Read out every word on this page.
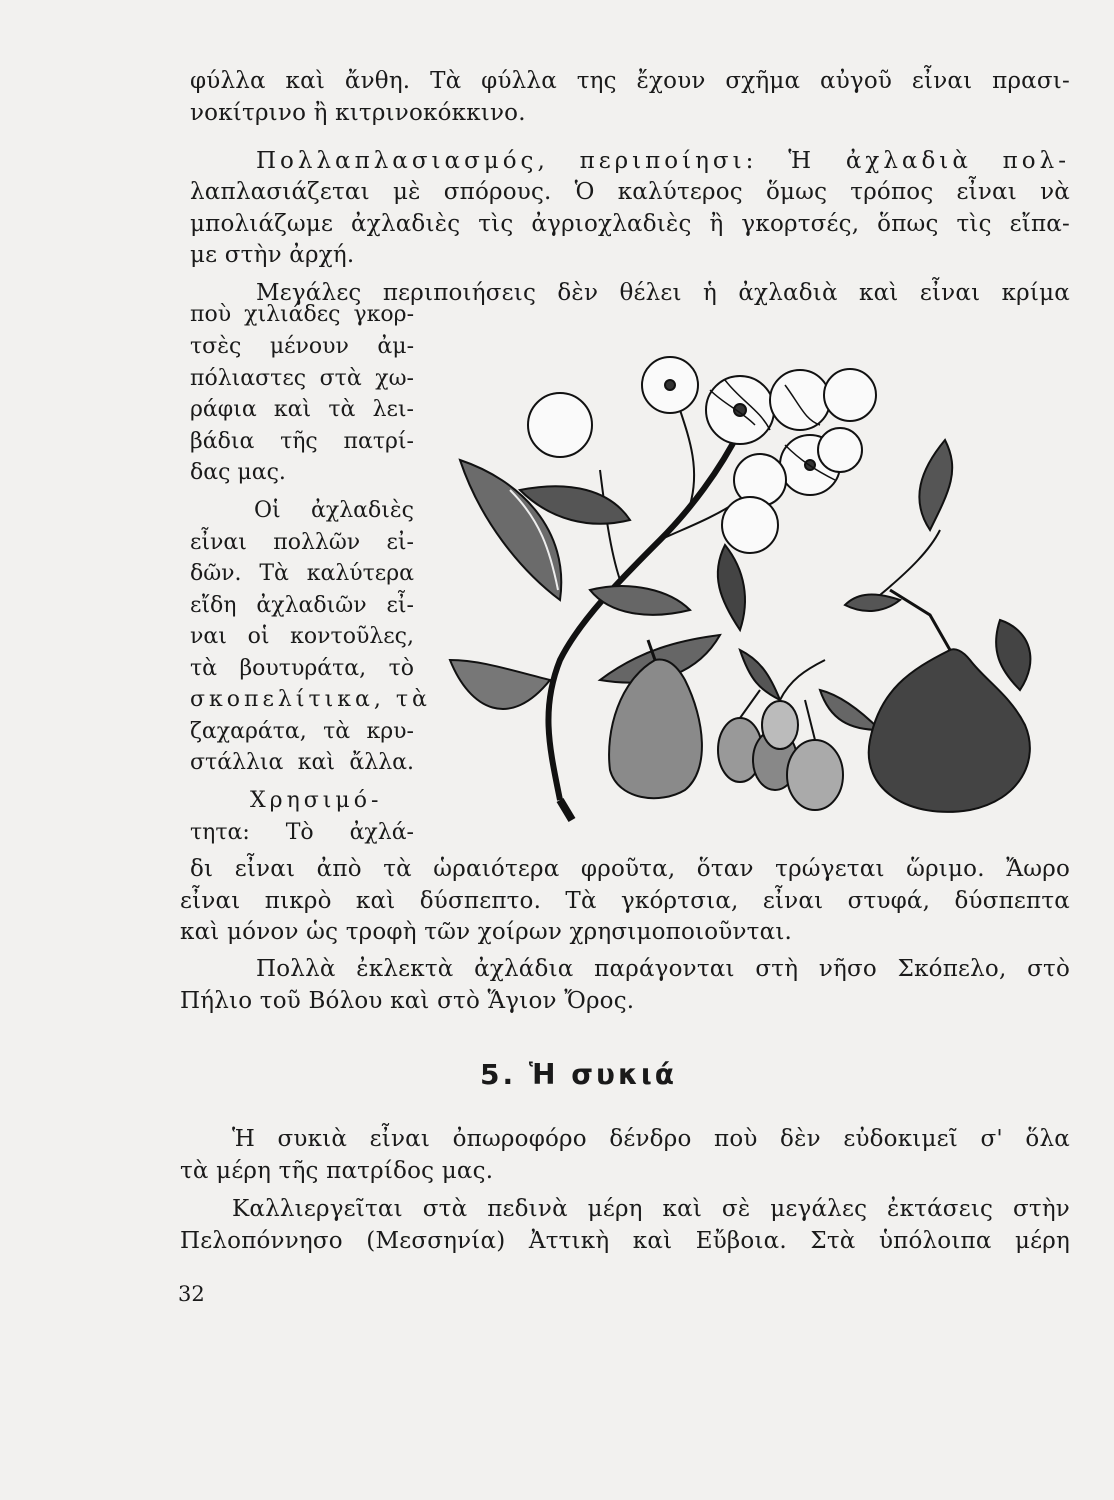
φύλλα καὶ ἄνθη. Τὰ φύλλα της ἔχουν σχῆμα αὐγοῦ εἶναι πρασι-
νοκίτρινο ἢ κιτρινοκόκκινο.
Πολλαπλασιασμός, περιποίησι: Ἡ ἀχλαδιὰ πολ-
λαπλασιάζεται μὲ σπόρους. Ὁ καλύτερος ὅμως τρόπος εἶναι νὰ
μπολιάζωμε ἀχλαδιὲς τὶς ἀγριοχλαδιὲς ἢ γκορτσές, ὅπως τὶς εἴπα-
με στὴν ἀρχή.
Μεγάλες περιποιήσεις δὲν θέλει ἡ ἀχλαδιὰ καὶ εἶναι κρίμα
ποὺ χιλιάδες γκορ-
τσὲς μένουν ἀμ-
πόλιαστες στὰ χω-
ράφια καὶ τὰ λει-
βάδια τῆς πατρί-
δας μας.
Οἱ ἀχλαδιὲς
εἶναι πολλῶν εἰ-
δῶν. Τὰ καλύτερα
εἴδη ἀχλαδιῶν εἶ-
ναι οἱ κοντοῦλες,
τὰ βουτυράτα, τὸ
σκοπελίτικα, τὰ
ζαχαράτα, τὰ κρυ-
στάλλια καὶ ἄλλα.
Χρησιμό-
τητα: Τὸ ἀχλά-
δι εἶναι ἀπὸ τὰ ὡραιότερα φροῦτα, ὅταν τρώγεται ὥριμο. Ἄωρο
εἶναι πικρὸ καὶ δύσπεπτο. Τὰ γκόρτσια, εἶναι στυφά, δύσπεπτα
καὶ μόνον ὡς τροφὴ τῶν χοίρων χρησιμοποιοῦνται.
Πολλὰ ἐκλεκτὰ ἀχλάδια παράγονται στὴ νῆσο Σκόπελο, στὸ
Πήλιο τοῦ Βόλου καὶ στὸ Ἅγιον Ὄρος.
5. Ἡ συκιά
Ἡ συκιὰ εἶναι ὀπωροφόρο δένδρο ποὺ δὲν εὐδοκιμεῖ σ' ὅλα
τὰ μέρη τῆς πατρίδος μας.
Καλλιεργεῖται στὰ πεδινὰ μέρη καὶ σὲ μεγάλες ἐκτάσεις στὴν
Πελοπόννησο (Μεσσηνία) Ἀττικὴ καὶ Εὔβοια. Στὰ ὑπόλοιπα μέρη
32
